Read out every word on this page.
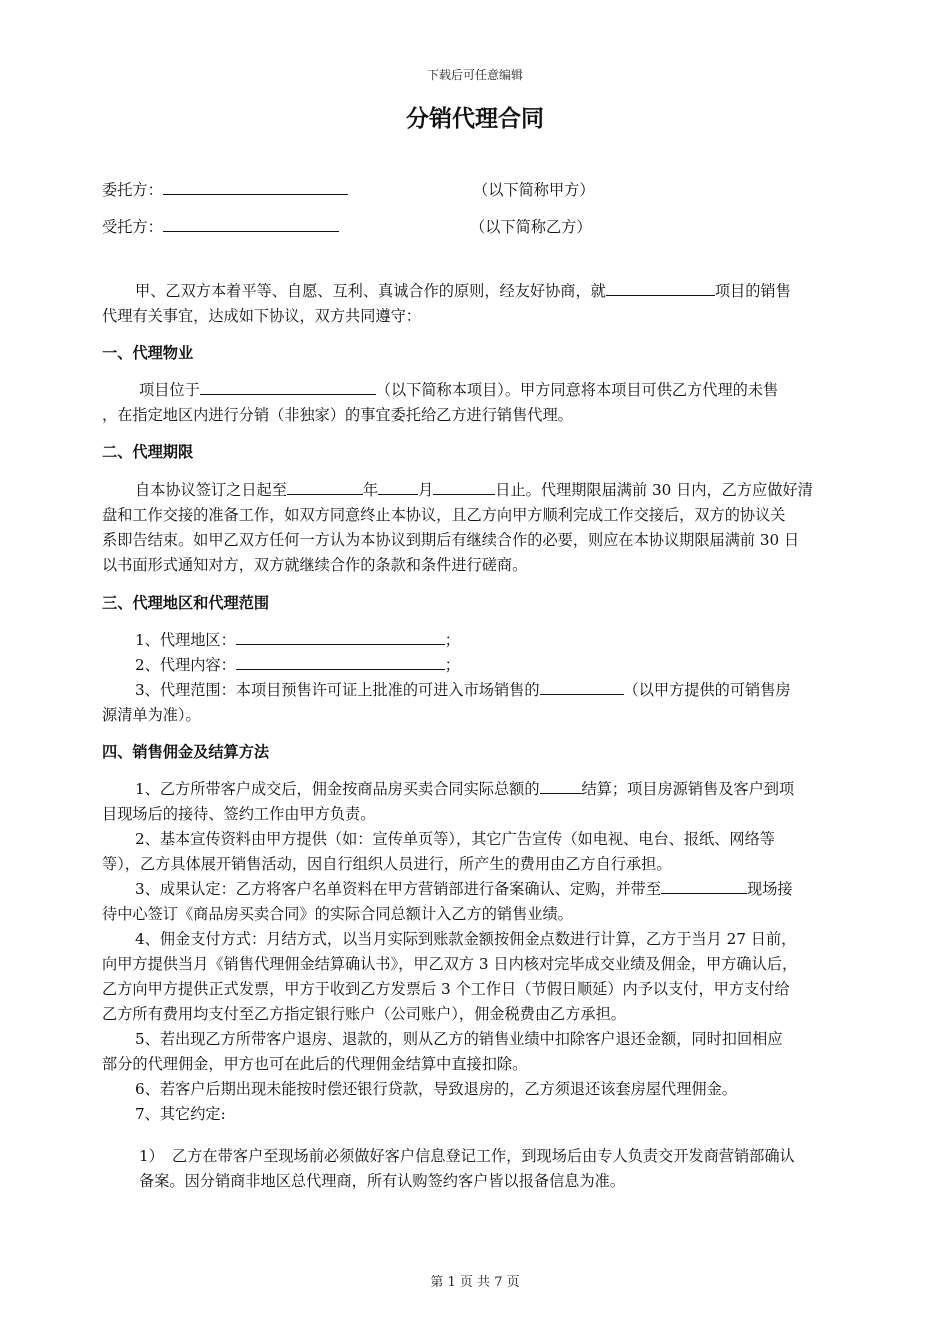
下载后可任意编辑
分销代理合同
委托方：	（以下简称甲方）
受托方：	（以下简称乙方）
甲、乙双方本着平等、自愿、互利、真诚合作的原则，经友好协商，就	项目的销售
代理有关事宜，达成如下协议，双方共同遵守：
一、代理物业
项目位于	（以下简称本项目）。甲方同意将本项目可供乙方代理的未售
，在指定地区内进行分销（非独家）的事宜委托给乙方进行销售代理。
二、代理期限
自本协议签订之日起至	年	月	日止。代理期限届满前 30 日内，乙方应做好清
盘和工作交接的准备工作，如双方同意终止本协议，且乙方向甲方顺利完成工作交接后，双方的协议关
系即告结束。如甲乙双方任何一方认为本协议到期后有继续合作的必要，则应在本协议期限届满前 30 日
以书面形式通知对方，双方就继续合作的条款和条件进行磋商。
三、代理地区和代理范围
1、代理地区：	；
2、代理内容：	；
3、代理范围：本项目预售许可证上批准的可进入市场销售的	（以甲方提供的可销售房
源清单为准）。
四、销售佣金及结算方法
1、乙方所带客户成交后，佣金按商品房买卖合同实际总额的	结算；项目房源销售及客户到项
目现场后的接待、签约工作由甲方负责。
2、基本宣传资料由甲方提供（如：宣传单页等），其它广告宣传（如电视、电台、报纸、网络等
等），乙方具体展开销售活动，因自行组织人员进行，所产生的费用由乙方自行承担。
3、成果认定：乙方将客户名单资料在甲方营销部进行备案确认、定购，并带至	现场接
待中心签订《商品房买卖合同》的实际合同总额计入乙方的销售业绩。
4、佣金支付方式：月结方式，以当月实际到账款金额按佣金点数进行计算，乙方于当月 27 日前，
向甲方提供当月《销售代理佣金结算确认书》，甲乙双方 3 日内核对完毕成交业绩及佣金，甲方确认后，
乙方向甲方提供正式发票，甲方于收到乙方发票后 3 个工作日（节假日顺延）内予以支付，甲方支付给
乙方所有费用均支付至乙方指定银行账户（公司账户），佣金税费由乙方承担。
5、若出现乙方所带客户退房、退款的，则从乙方的销售业绩中扣除客户退还金额，同时扣回相应
部分的代理佣金，甲方也可在此后的代理佣金结算中直接扣除。
6、若客户后期出现未能按时偿还银行贷款，导致退房的，乙方须退还该套房屋代理佣金。
7、其它约定:
1） 乙方在带客户至现场前必须做好客户信息登记工作，到现场后由专人负责交开发商营销部确认
备案。因分销商非地区总代理商，所有认购签约客户皆以报备信息为准。
第 1 页 共 7 页
